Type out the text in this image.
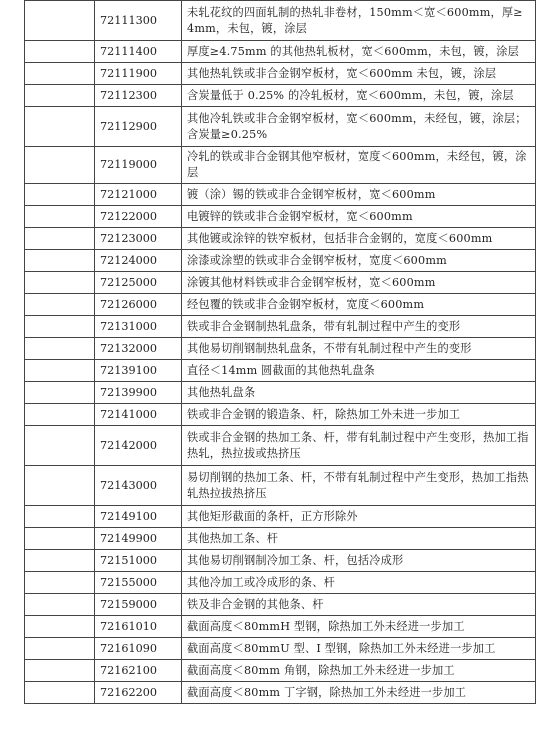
	72111300	未轧花纹的四面轧制的热轧非卷材，150mm＜宽＜600mm，厚≥4mm，未包，镀，涂层
	72111400	厚度≥4.75mm 的其他热轧板材，宽＜600mm，未包，镀，涂层
	72111900	其他热轧铁或非合金钢窄板材，宽＜600mm 未包，镀，涂层
	72112300	含炭量低于 0.25% 的冷轧板材，宽＜600mm，未包，镀，涂层
	72112900	其他冷轧铁或非合金钢窄板材，宽＜600mm，未经包，镀，涂层；含炭量≥0.25%
	72119000	冷轧的铁或非合金钢其他窄板材，宽度＜600mm，未经包，镀，涂层
	72121000	镀（涂）锡的铁或非合金钢窄板材，宽＜600mm
	72122000	电镀锌的铁或非合金钢窄板材，宽＜600mm
	72123000	其他镀或涂锌的铁窄板材，包括非合金钢的，宽度＜600mm
	72124000	涂漆或涂塑的铁或非合金钢窄板材，宽度＜600mm
	72125000	涂镀其他材料铁或非合金钢窄板材，宽＜600mm
	72126000	经包覆的铁或非合金钢窄板材，宽度＜600mm
	72131000	铁或非合金钢制热轧盘条，带有轧制过程中产生的变形
	72132000	其他易切削钢制热轧盘条，不带有轧制过程中产生的变形
	72139100	直径＜14mm 圆截面的其他热轧盘条
	72139900	其他热轧盘条
	72141000	铁或非合金钢的锻造条、杆，除热加工外未进一步加工
	72142000	铁或非合金钢的热加工条、杆，带有轧制过程中产生变形，热加工指热轧，热拉拔或热挤压
	72143000	易切削钢的热加工条、杆，不带有轧制过程中产生变形，热加工指热轧热拉拔热挤压
	72149100	其他矩形截面的条杆，正方形除外
	72149900	其他热加工条、杆
	72151000	其他易切削钢制冷加工条、杆，包括冷成形
	72155000	其他冷加工或冷成形的条、杆
	72159000	铁及非合金钢的其他条、杆
	72161010	截面高度＜80mmH 型钢，除热加工外未经进一步加工
	72161090	截面高度＜80mmU 型、I 型钢，除热加工外未经进一步加工
	72162100	截面高度＜80mm 角钢，除热加工外未经进一步加工
	72162200	截面高度＜80mm 丁字钢，除热加工外未经进一步加工
